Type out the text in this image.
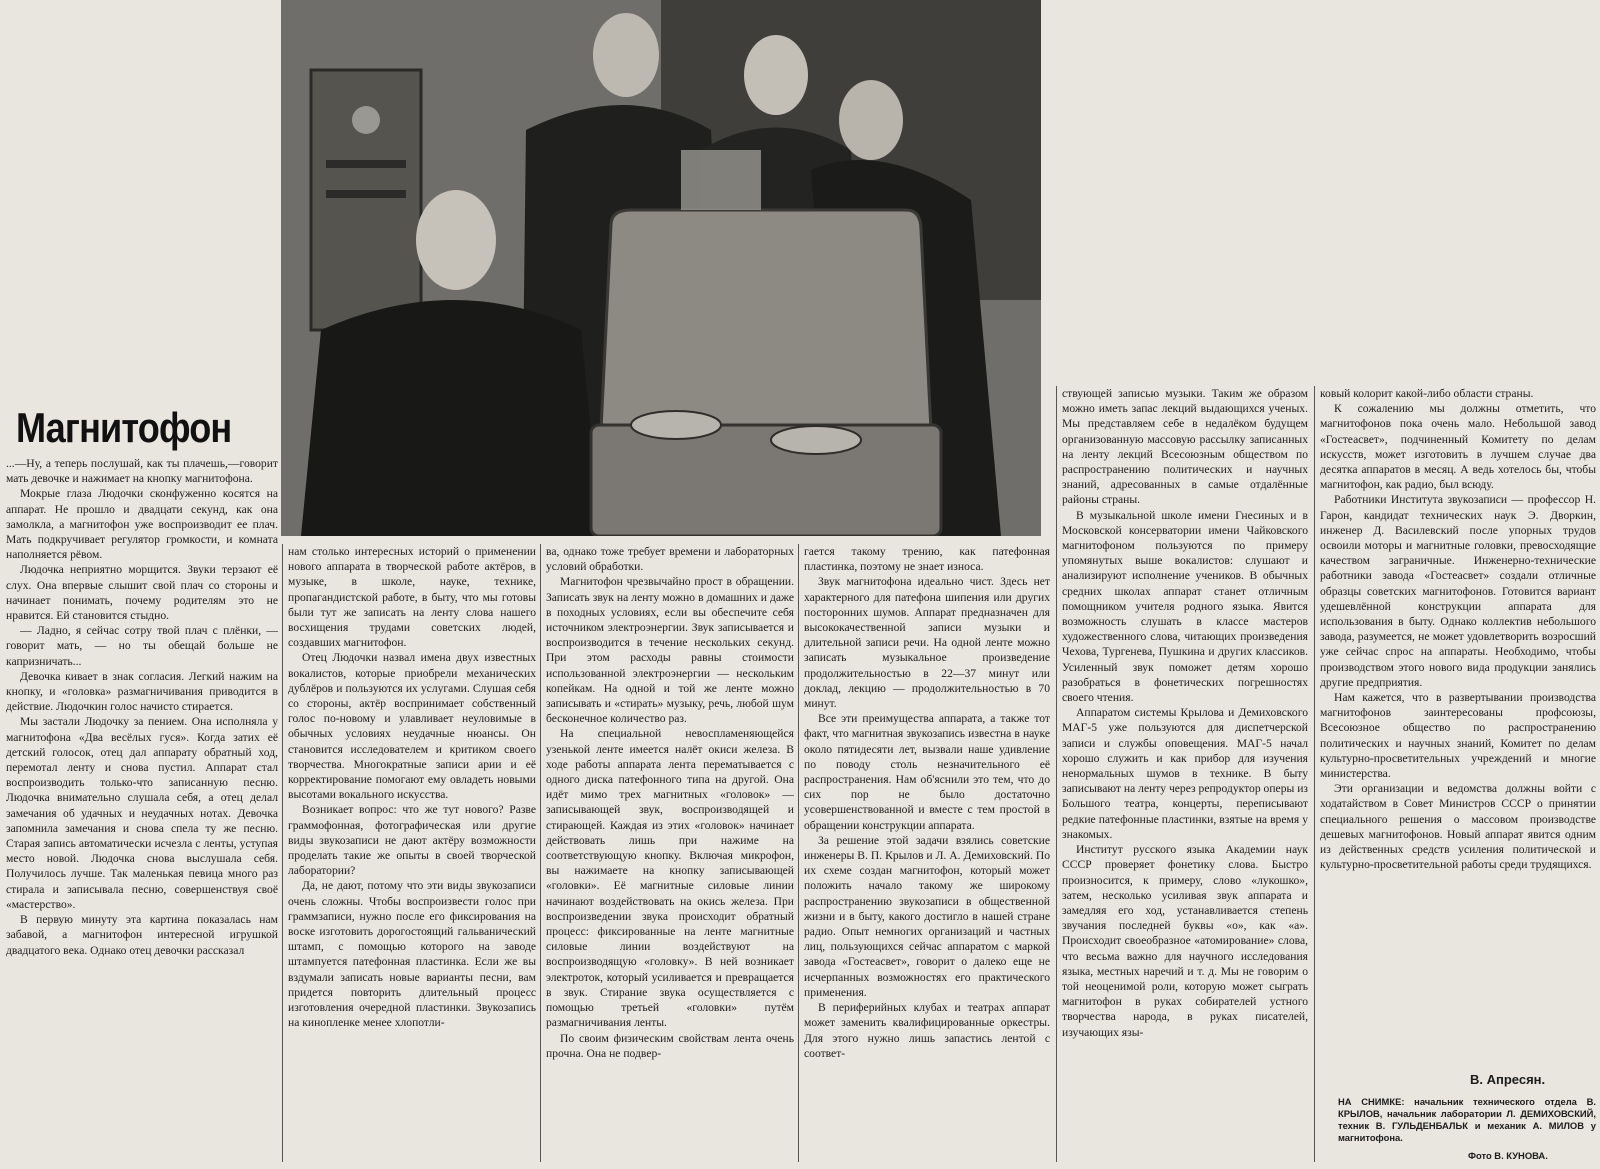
Магнитофон

...—Ну, а теперь послушай, как ты плачешь,—говорит мать девочке и нажимает на кнопку магнитофона.

Мокрые глаза Людочки сконфуженно косятся на аппарат. Не прошло и двадцати секунд, как она замолкла, а магнитофон уже воспроизводит ее плач. Мать подкручивает регулятор громкости, и комната наполняется рёвом.

Людочка неприятно морщится. Звуки терзают её слух. Она впервые слышит свой плач со стороны и начинает понимать, почему родителям это не нравится. Ей становится стыдно.

— Ладно, я сейчас сотру твой плач с плёнки, — говорит мать, — но ты обещай больше не капризничать...

Девочка кивает в знак согласия. Легкий нажим на кнопку, и «головка» размагничивания приводится в действие. Людочкин голос начисто стирается.

Мы застали Людочку за пением. Она исполняла у магнитофона «Два весёлых гуся». Когда затих её детский голосок, отец дал аппарату обратный ход, перемотал ленту и снова пустил. Аппарат стал воспроизводить только-что записанную песню. Людочка внимательно слушала себя, а отец делал замечания об удачных и неудачных нотах. Девочка запомнила замечания и снова спела ту же песню. Старая запись автоматически исчезла с ленты, уступая место новой. Людочка снова выслушала себя. Получилось лучше. Так маленькая певица много раз стирала и записывала песню, совершенствуя своё «мастерство».

В первую минуту эта картина показалась нам забавой, а магнитофон интересной игрушкой двадцатого века. Однако отец девочки рассказал

нам столько интересных историй о применении нового аппарата в творческой работе актёров, в музыке, в школе, науке, технике, пропагандистской работе, в быту, что мы готовы были тут же записать на ленту слова нашего восхищения трудами советских людей, создавших магнитофон.

Отец Людочки назвал имена двух известных вокалистов, которые приобрели механических дублёров и пользуются их услугами. Слушая себя со стороны, актёр воспринимает собственный голос по-новому и улавливает неуловимые в обычных условиях неудачные нюансы. Он становится исследователем и критиком своего творчества. Многократные записи арии и её корректирование помогают ему овладеть новыми высотами вокального искусства.

Возникает вопрос: что же тут нового? Разве граммофонная, фотографическая или другие виды звукозаписи не дают актёру возможности проделать такие же опыты в своей творческой лаборатории?

Да, не дают, потому что эти виды звукозаписи очень сложны. Чтобы воспроизвести голос при граммзаписи, нужно после его фиксирования на воске изготовить дорогостоящий гальванический штамп, с помощью которого на заводе штампуется патефонная пластинка. Если же вы вздумали записать новые варианты песни, вам придется повторить длительный процесс изготовления очередной пластинки. Звукозапись на кинопленке менее хлопотли-

ва, однако тоже требует времени и лабораторных условий обработки.

Магнитофон чрезвычайно прост в обращении. Записать звук на ленту можно в домашних и даже в походных условиях, если вы обеспечите себя источником электроэнергии. Звук записывается и воспроизводится в течение нескольких секунд. При этом расходы равны стоимости использованной электроэнергии — нескольким копейкам. На одной и той же ленте можно записывать и «стирать» музыку, речь, любой шум бесконечное количество раз.

На специальной невоспламеняющейся узенькой ленте имеется налёт окиси железа. В ходе работы аппарата лента перематывается с одного диска патефонного типа на другой. Она идёт мимо трех магнитных «головок» — записывающей звук, воспроизводящей и стирающей. Каждая из этих «головок» начинает действовать лишь при нажиме на соответствующую кнопку. Включая микрофон, вы нажимаете на кнопку записывающей «головки». Её магнитные силовые линии начинают воздействовать на окись железа. При воспроизведении звука происходит обратный процесс: фиксированные на ленте магнитные силовые линии воздействуют на воспроизводящую «головку». В ней возникает электроток, который усиливается и превращается в звук. Стирание звука осуществляется с помощью третьей «головки» путём размагничивания ленты.

По своим физическим свойствам лента очень прочна. Она не подвер-

гается такому трению, как патефонная пластинка, поэтому не знает износа.

Звук магнитофона идеально чист. Здесь нет характерного для патефона шипения или других посторонних шумов. Аппарат предназначен для высококачественной записи музыки и длительной записи речи. На одной ленте можно записать музыкальное произведение продолжительностью в 22—37 минут или доклад, лекцию — продолжительностью в 70 минут.

Все эти преимущества аппарата, а также тот факт, что магнитная звукозапись известна в науке около пятидесяти лет, вызвали наше удивление по поводу столь незначительного её распространения. Нам об'яснили это тем, что до сих пор не было достаточно усовершенствованной и вместе с тем простой в обращении конструкции аппарата.

За решение этой задачи взялись советские инженеры В. П. Крылов и Л. А. Демиховский. По их схеме создан магнитофон, который может положить начало такому же широкому распространению звукозаписи в общественной жизни и в быту, какого достигло в нашей стране радио. Опыт немногих организаций и частных лиц, пользующихся сейчас аппаратом с маркой завода «Гостеасвет», говорит о далеко еще не исчерпанных возможностях его практического применения.

В периферийных клубах и театрах аппарат может заменить квалифицированные оркестры. Для этого нужно лишь запастись лентой с соответ-

ствующей записью музыки. Таким же образом можно иметь запас лекций выдающихся ученых. Мы представляем себе в недалёком будущем организованную массовую рассылку записанных на ленту лекций Всесоюзным обществом по распространению политических и научных знаний, адресованных в самые отдалённые районы страны.

В музыкальной школе имени Гнесиных и в Московской консерватории имени Чайковского магнитофоном пользуются по примеру упомянутых выше вокалистов: слушают и анализируют исполнение учеников. В обычных средних школах аппарат станет отличным помощником учителя родного языка. Явится возможность слушать в классе мастеров художественного слова, читающих произведения Чехова, Тургенева, Пушкина и других классиков. Усиленный звук поможет детям хорошо разобраться в фонетических погрешностях своего чтения.

Аппаратом системы Крылова и Демиховского МАГ-5 уже пользуются для диспетчерской записи и службы оповещения. МАГ-5 начал хорошо служить и как прибор для изучения ненормальных шумов в технике. В быту записывают на ленту через репродуктор оперы из Большого театра, концерты, переписывают редкие патефонные пластинки, взятые на время у знакомых.

Институт русского языка Академии наук СССР проверяет фонетику слова. Быстро произносится, к примеру, слово «лукошко», затем, несколько усиливая звук аппарата и замедляя его ход, устанавливается степень звучания последней буквы «о», как «а». Происходит своеобразное «атомирование» слова, что весьма важно для научного исследования языка, местных наречий и т. д. Мы не говорим о той неоценимой роли, которую может сыграть магнитофон в руках собирателей устного творчества народа, в руках писателей, изучающих язы-

ковый колорит какой-либо области страны.

К сожалению мы должны отметить, что магнитофонов пока очень мало. Небольшой завод «Гостеасвет», подчиненный Комитету по делам искусств, может изготовить в лучшем случае два десятка аппаратов в месяц. А ведь хотелось бы, чтобы магнитофон, как радио, был всюду.

Работники Института звукозаписи — профессор Н. Гарон, кандидат технических наук Э. Дворкин, инженер Д. Василевский после упорных трудов освоили моторы и магнитные головки, превосходящие качеством заграничные. Инженерно-технические работники завода «Гостеасвет» создали отличные образцы советских магнитофонов. Готовится вариант удешевлённой конструкции аппарата для использования в быту. Однако коллектив небольшого завода, разумеется, не может удовлетворить возросший уже сейчас спрос на аппараты. Необходимо, чтобы производством этого нового вида продукции занялись другие предприятия.

Нам кажется, что в развертывании производства магнитофонов заинтересованы профсоюзы, Всесоюзное общество по распространению политических и научных знаний, Комитет по делам культурно-просветительных учреждений и многие министерства.

Эти организации и ведомства должны войти с ходатайством в Совет Министров СССР о принятии специального решения о массовом производстве дешевых магнитофонов. Новый аппарат явится одним из действенных средств усиления политической и культурно-просветительной работы среди трудящихся.

В. Апресян.
НА СНИМКЕ: начальник технического отдела В. КРЫЛОВ, начальник лаборатории Л. ДЕМИХОВСКИЙ, техник В. ГУЛЬДЕНБАЛЬК и механик А. МИЛОВ у магнитофона.
Фото В. КУНОВА.
